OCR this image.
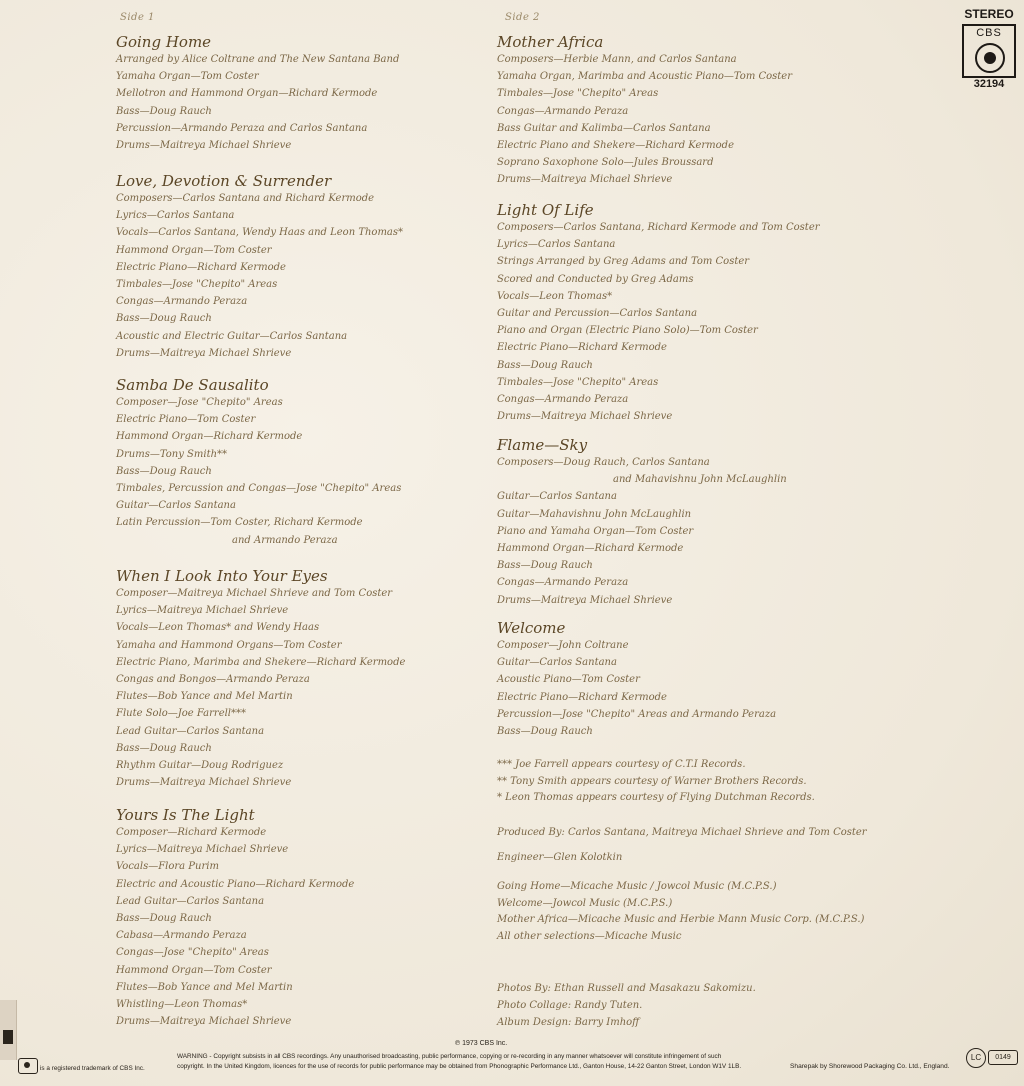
Side 1
Going Home
Arranged by Alice Coltrane and The New Santana Band
Yamaha Organ—Tom Coster
Mellotron and Hammond Organ—Richard Kermode
Bass—Doug Rauch
Percussion—Armando Peraza and Carlos Santana
Drums—Maitreya Michael Shrieve
Love, Devotion & Surrender
Composers—Carlos Santana and Richard Kermode
Lyrics—Carlos Santana
Vocals—Carlos Santana, Wendy Haas and Leon Thomas*
Hammond Organ—Tom Coster
Electric Piano—Richard Kermode
Timbales—Jose "Chepito" Areas
Congas—Armando Peraza
Bass—Doug Rauch
Acoustic and Electric Guitar—Carlos Santana
Drums—Maitreya Michael Shrieve
Samba De Sausalito
Composer—Jose "Chepito" Areas
Electric Piano—Tom Coster
Hammond Organ—Richard Kermode
Drums—Tony Smith**
Bass—Doug Rauch
Timbales, Percussion and Congas—Jose "Chepito" Areas
Guitar—Carlos Santana
Latin Percussion—Tom Coster, Richard Kermode
and Armando Peraza
When I Look Into Your Eyes
Composer—Maitreya Michael Shrieve and Tom Coster
Lyrics—Maitreya Michael Shrieve
Vocals—Leon Thomas* and Wendy Haas
Yamaha and Hammond Organs—Tom Coster
Electric Piano, Marimba and Shekere—Richard Kermode
Congas and Bongos—Armando Peraza
Flutes—Bob Yance and Mel Martin
Flute Solo—Joe Farrell***
Lead Guitar—Carlos Santana
Bass—Doug Rauch
Rhythm Guitar—Doug Rodriguez
Drums—Maitreya Michael Shrieve
Yours Is The Light
Composer—Richard Kermode
Lyrics—Maitreya Michael Shrieve
Vocals—Flora Purim
Electric and Acoustic Piano—Richard Kermode
Lead Guitar—Carlos Santana
Bass—Doug Rauch
Cabasa—Armando Peraza
Congas—Jose "Chepito" Areas
Hammond Organ—Tom Coster
Flutes—Bob Yance and Mel Martin
Whistling—Leon Thomas*
Drums—Maitreya Michael Shrieve
Side 2
Mother Africa
Composers—Herbie Mann, and Carlos Santana
Yamaha Organ, Marimba and Acoustic Piano—Tom Coster
Timbales—Jose "Chepito" Areas
Congas—Armando Peraza
Bass Guitar and Kalimba—Carlos Santana
Electric Piano and Shekere—Richard Kermode
Soprano Saxophone Solo—Jules Broussard
Drums—Maitreya Michael Shrieve
Light Of Life
Composers—Carlos Santana, Richard Kermode and Tom Coster
Lyrics—Carlos Santana
Strings Arranged by Greg Adams and Tom Coster
Scored and Conducted by Greg Adams
Vocals—Leon Thomas*
Guitar and Percussion—Carlos Santana
Piano and Organ (Electric Piano Solo)—Tom Coster
Electric Piano—Richard Kermode
Bass—Doug Rauch
Timbales—Jose "Chepito" Areas
Congas—Armando Peraza
Drums—Maitreya Michael Shrieve
Flame—Sky
Composers—Doug Rauch, Carlos Santana
and Mahavishnu John McLaughlin
Guitar—Carlos Santana
Guitar—Mahavishnu John McLaughlin
Piano and Yamaha Organ—Tom Coster
Hammond Organ—Richard Kermode
Bass—Doug Rauch
Congas—Armando Peraza
Drums—Maitreya Michael Shrieve
Welcome
Composer—John Coltrane
Guitar—Carlos Santana
Acoustic Piano—Tom Coster
Electric Piano—Richard Kermode
Percussion—Jose "Chepito" Areas and Armando Peraza
Bass—Doug Rauch
*** Joe Farrell appears courtesy of C.T.I Records.
** Tony Smith appears courtesy of Warner Brothers Records.
* Leon Thomas appears courtesy of Flying Dutchman Records.
Produced By: Carlos Santana, Maitreya Michael Shrieve and Tom Coster
Engineer—Glen Kolotkin
Going Home—Micache Music / Jowcol Music (M.C.P.S.)
Welcome—Jowcol Music (M.C.P.S.)
Mother Africa—Micache Music and Herbie Mann Music Corp. (M.C.P.S.)
All other selections—Micache Music
Photos By: Ethan Russell and Masakazu Sakomizu.
Photo Collage: Randy Tuten.
Album Design: Barry Imhoff
STEREO
CBS
32194
℗ 1973 CBS Inc.
is a registered trademark of CBS Inc.
WARNING - Copyright subsists in all CBS recordings. Any unauthorised broadcasting, public performance, copying or re-recording in any manner whatsoever will constitute infringement of such
copyright. In the United Kingdom, licences for the use of records for public performance may be obtained from Phonographic Performance Ltd., Ganton House, 14-22 Ganton Street, London W1V 1LB.	Sharepak by Shorewood Packaging Co. Ltd., England.
LC	0149
